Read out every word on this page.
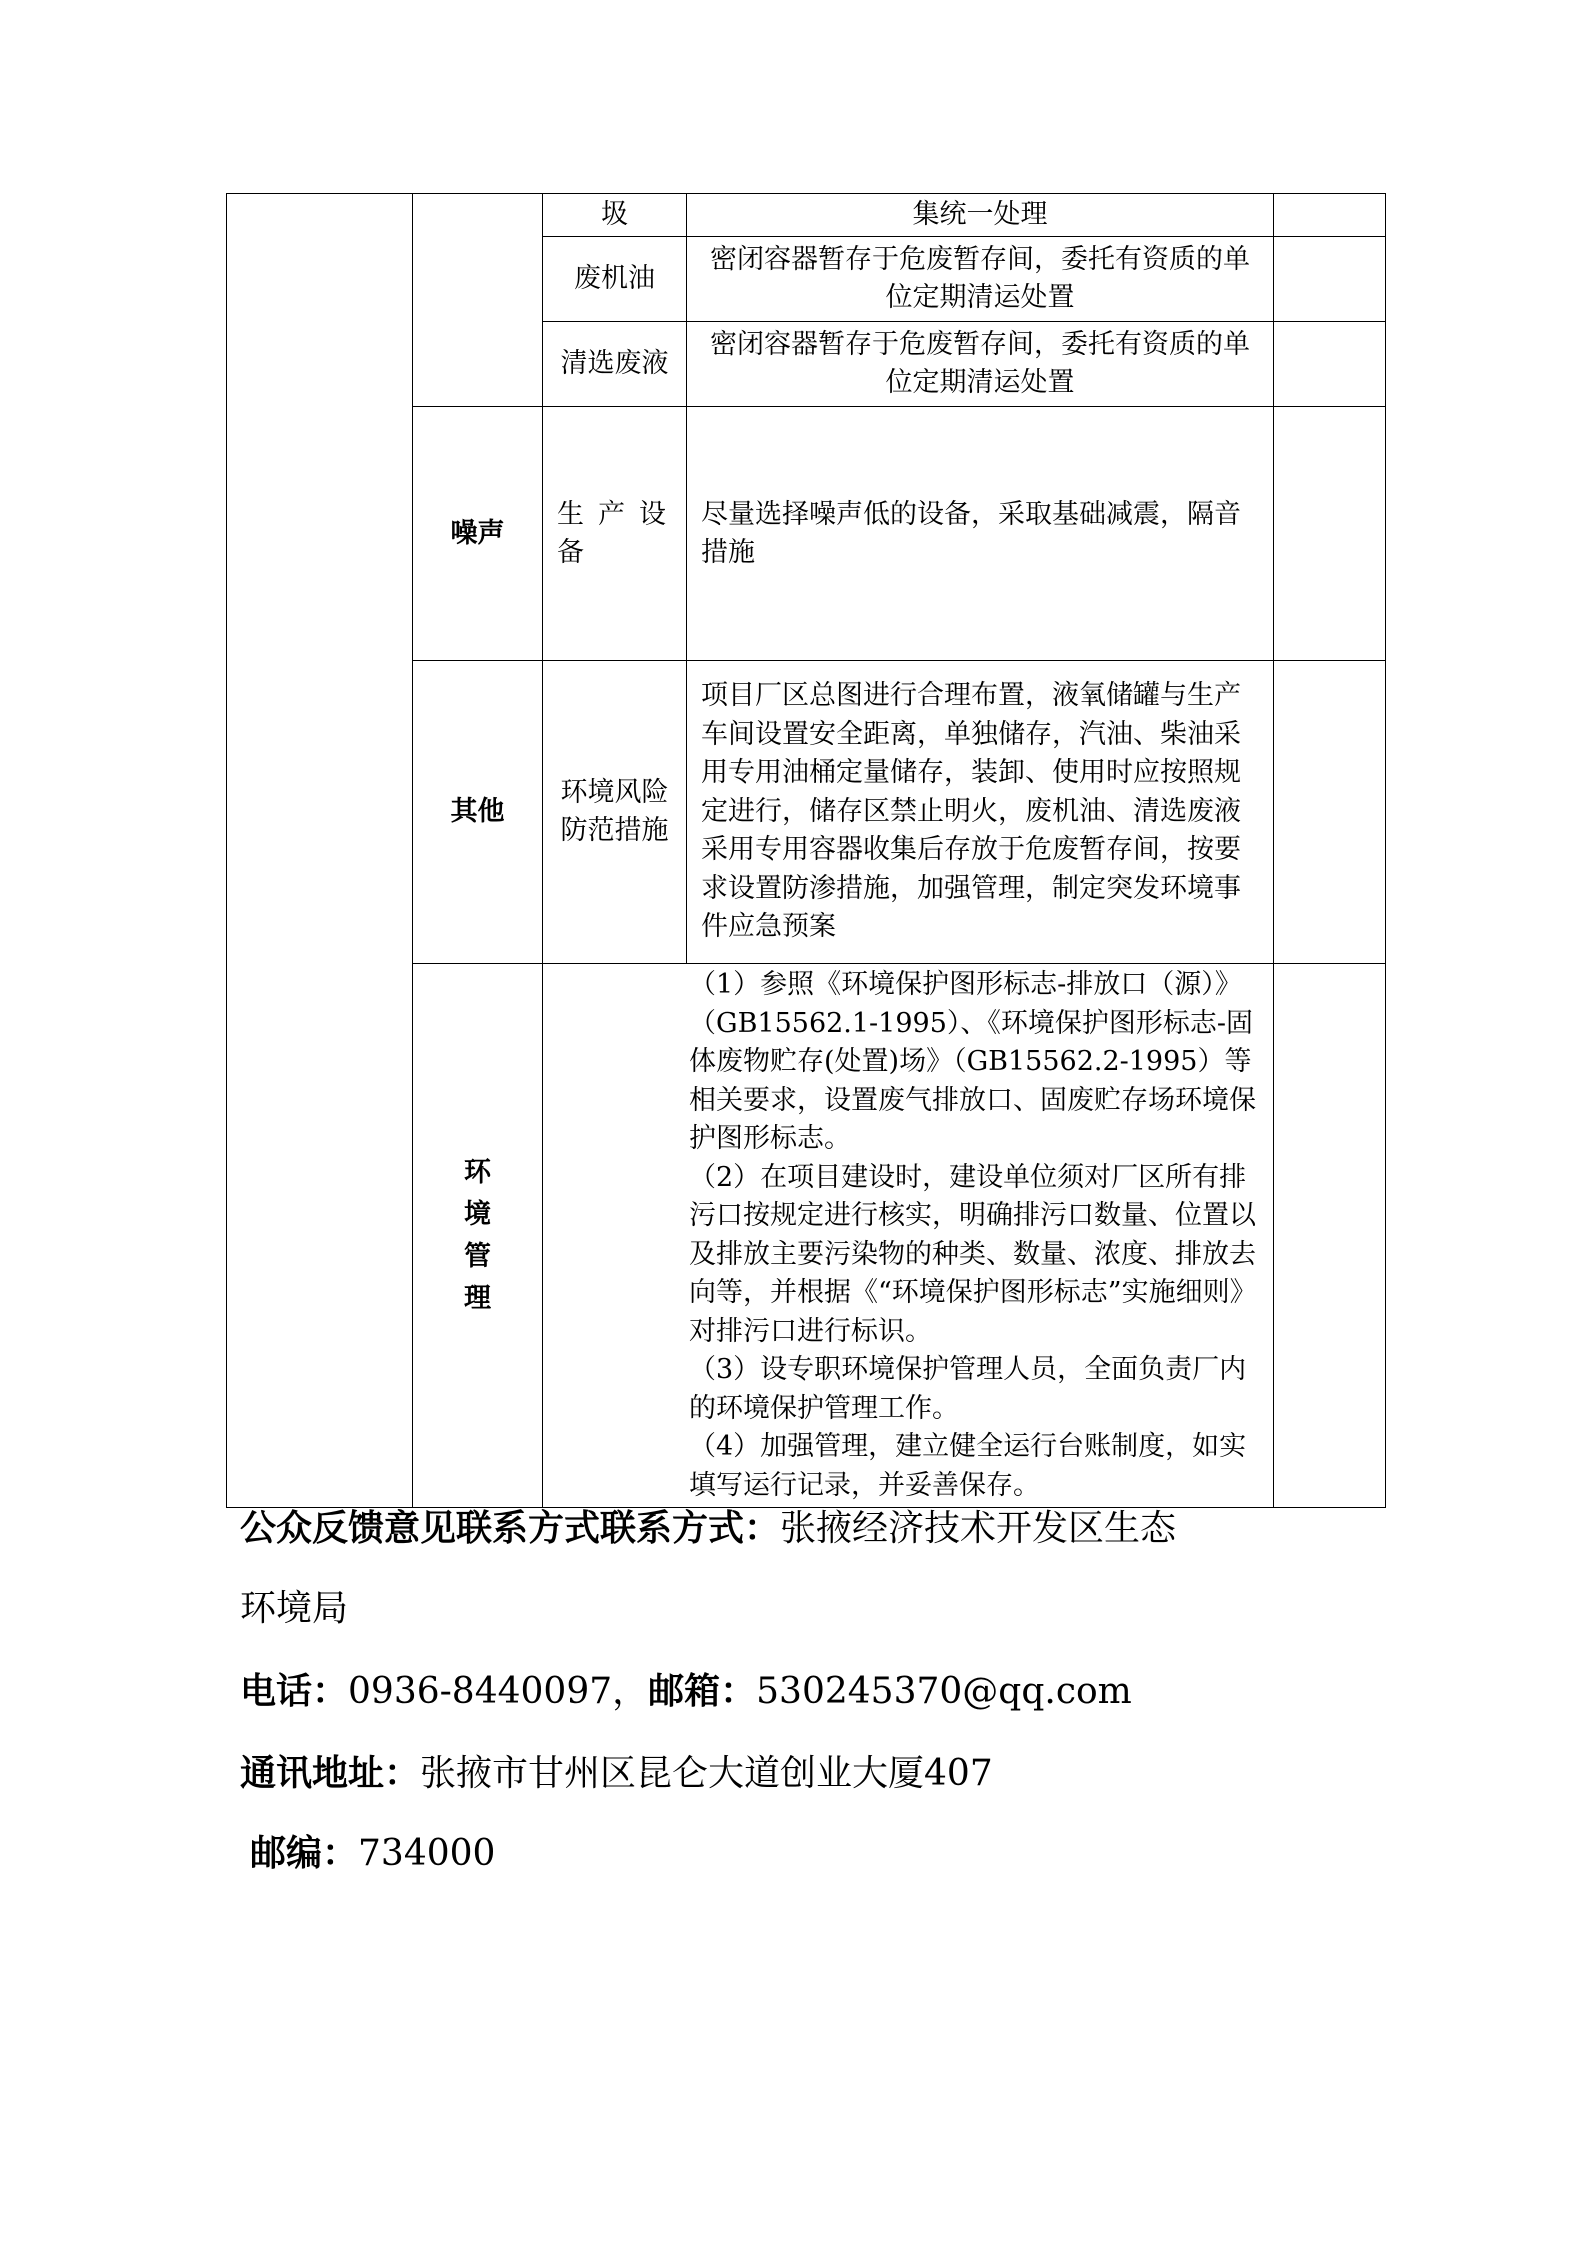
		圾	集统一处理	
		废机油	密闭容器暂存于危废暂存间，委托有资质的单位定期清运处置	
		清选废液	密闭容器暂存于危废暂存间，委托有资质的单位定期清运处置	
	噪声	生产设备	尽量选择噪声低的设备，采取基础减震，隔音措施	
	其他	环境风险防范措施	项目厂区总图进行合理布置，液氧储罐与生产车间设置安全距离，单独储存，汽油、柴油采用专用油桶定量储存，装卸、使用时应按照规定进行，储存区禁止明火，废机油、清选废液采用专用容器收集后存放于危废暂存间，按要求设置防渗措施，加强管理，制定突发环境事件应急预案	
	环境管理	（1）参照《环境保护图形标志-排放口（源）》（GB15562.1-1995）、《环境保护图形标志-固体废物贮存(处置)场》（GB15562.2-1995）等相关要求，设置废气排放口、固废贮存场环境保护图形标志。

（2）在项目建设时，建设单位须对厂区所有排污口按规定进行核实，明确排污口数量、位置以及排放主要污染物的种类、数量、浓度、排放去向等，并根据《“环境保护图形标志”实施细则》对排污口进行标识。

（3）设专职环境保护管理人员，全面负责厂内的环境保护管理工作。

（4）加强管理，建立健全运行台账制度，如实填写运行记录，并妥善保存。		

公众反馈意见联系方式联系方式：张掖经济技术开发区生态
环境局
电话：0936-8440097，邮箱：530245370@qq.com
通讯地址：张掖市甘州区昆仑大道创业大厦407
邮编：734000
